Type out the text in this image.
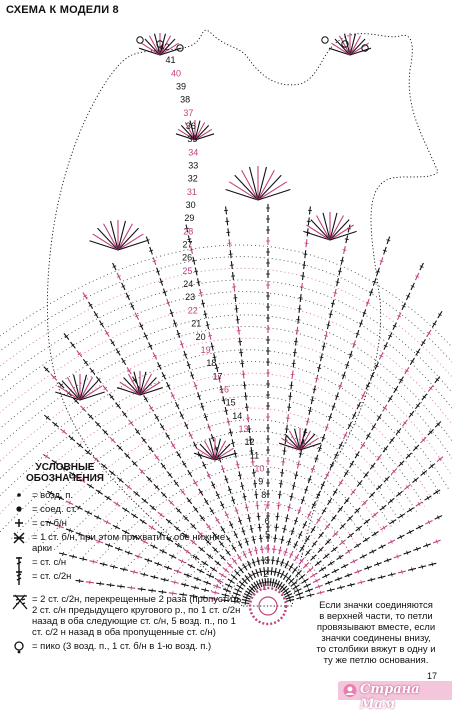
СХЕМА К МОДЕЛИ 8
1
2
3
4
5
6
7
8
9
10
11
12
13
14
15
16
17
18
19
20
21
22
23
24
25
26
27
28
29
30
31
32
33
34
35
36
37
38
39
40
41
42
УСЛОВНЫЕ ОБОЗНАЧЕНИЯ
= возд. п.
= соед. ст.
= ст. б/н
= 1 ст. б/н, при этом прихватить обе нижние арки
= ст. с/н
= ст. с/2н
= 2 ст. с/2н, перекрещенные 2 раза (пропустить 2 ст. с/н предыдущего кругового р., по 1 ст. с/2н назад в оба следующие ст. с/н, 5 возд. п., по 1 ст. с/2 н назад в оба пропущенные ст. с/н)
= пико (3 возд. п., 1 ст. б/н в 1-ю возд. п.)
Если значки соединяются в верхней части, то петли провязывают вместе, если значки соединены внизу, то столбики вяжут в одну и ту же петлю основания.
17
Страна Мам
